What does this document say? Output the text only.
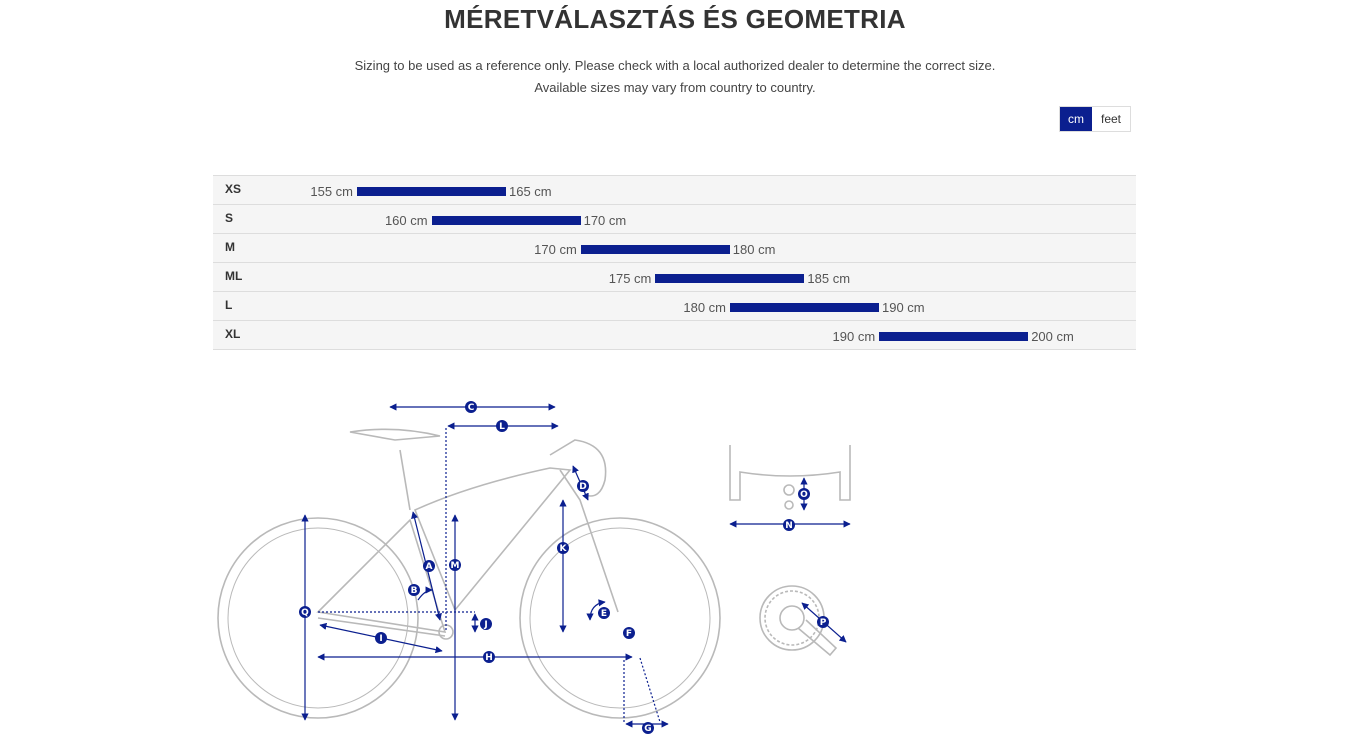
MÉRETVÁLASZTÁS ÉS GEOMETRIA
Sizing to be used as a reference only. Please check with a local authorized dealer to determine the correct size.
Available sizes may vary from country to country.
cm	feet
XS	155 cm	165 cm
S	160 cm	170 cm
M	170 cm	180 cm
ML	175 cm	185 cm
L	180 cm	190 cm
XL	190 cm	200 cm
A
B
C
D
E
F
G
H
I
J
K
L
M
N
O
P
Q
